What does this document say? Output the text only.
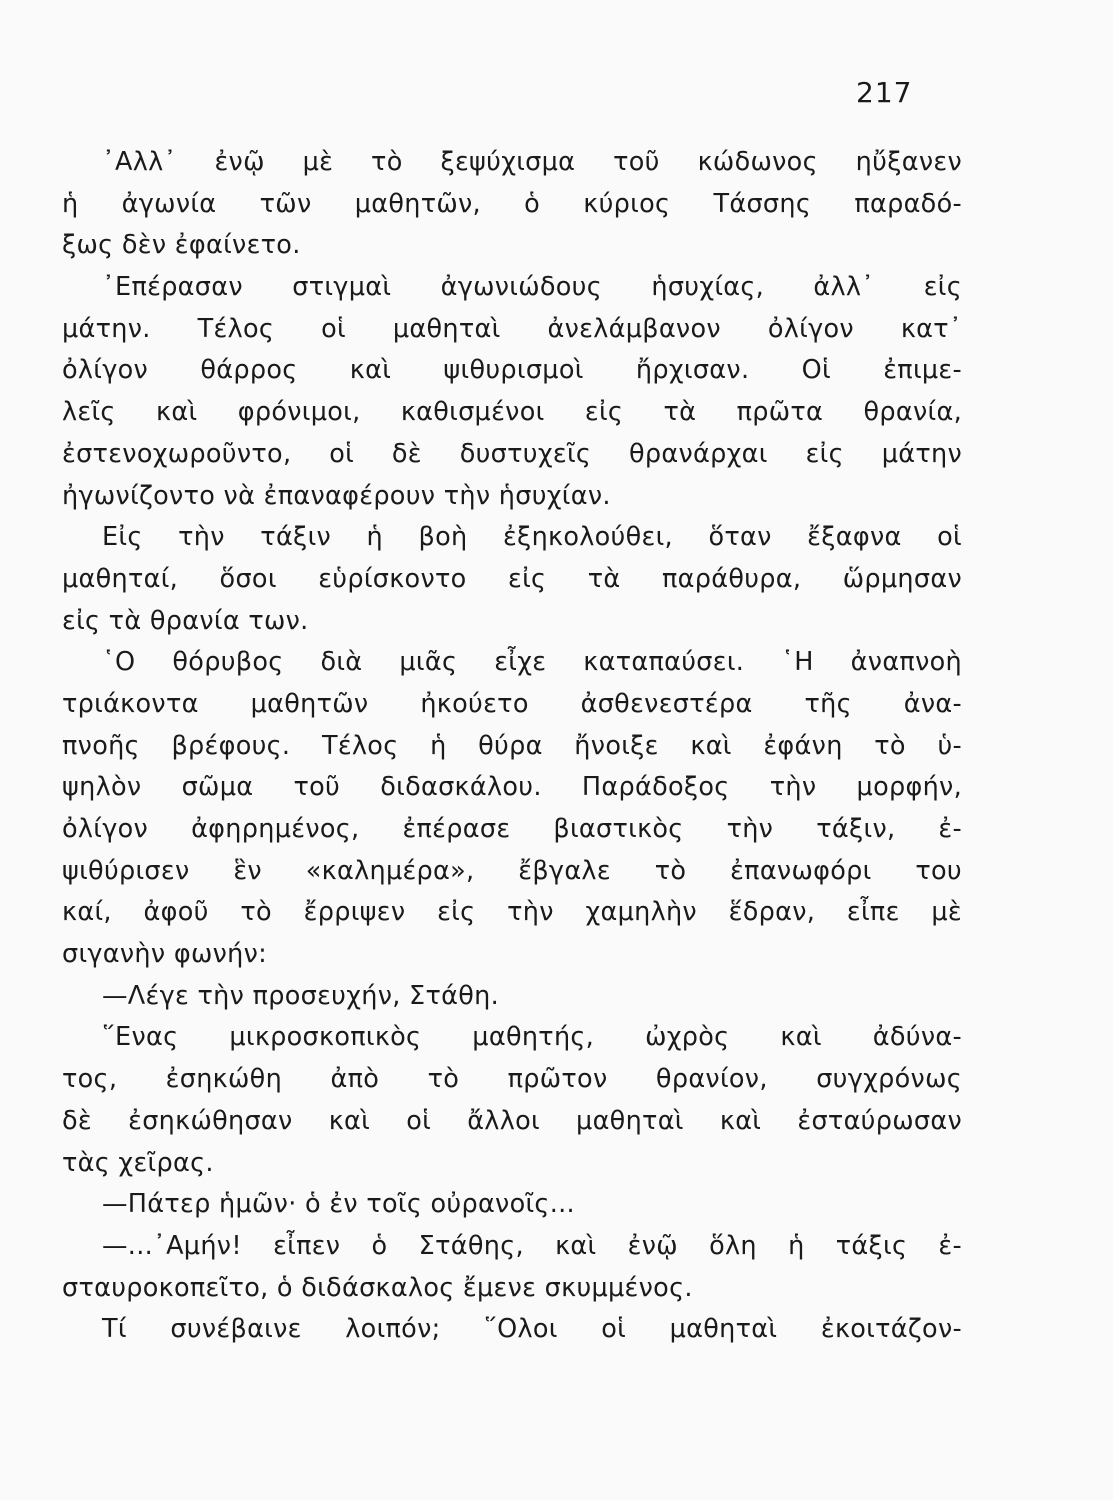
217
᾿Αλλ᾿ ἐνῷ μὲ τὸ ξεψύχισμα τοῦ κώδωνος ηὔξανεν
ἡ ἀγωνία τῶν μαθητῶν, ὁ κύριος Τάσσης παραδό-
ξως δὲν ἐφαίνετο.
᾿Επέρασαν στιγμαὶ ἀγωνιώδους ἡσυχίας, ἀλλ᾿ εἰς
μάτην. Τέλος οἱ μαθηταὶ ἀνελάμβανον ὀλίγον κατ᾿
ὀλίγον θάρρος καὶ ψιθυρισμοὶ ἤρχισαν. Οἱ ἐπιμε-
λεῖς καὶ φρόνιμοι, καθισμένοι εἰς τὰ πρῶτα θρανία,
ἐστενοχωροῦντο, οἱ δὲ δυστυχεῖς θρανάρχαι εἰς μάτην
ἠγωνίζοντο νὰ ἐπαναφέρουν τὴν ἡσυχίαν.
Εἰς τὴν τάξιν ἡ βοὴ ἐξηκολούθει, ὅταν ἔξαφνα οἱ
μαθηταί, ὅσοι εὑρίσκοντο εἰς τὰ παράθυρα, ὥρμησαν
εἰς τὰ θρανία των.
῾Ο θόρυβος διὰ μιᾶς εἶχε καταπαύσει. ῾Η ἀναπνοὴ
τριάκοντα μαθητῶν ἠκούετο ἀσθενεστέρα τῆς ἀνα-
πνοῆς βρέφους. Τέλος ἡ θύρα ἤνοιξε καὶ ἐφάνη τὸ ὑ-
ψηλὸν σῶμα τοῦ διδασκάλου. Παράδοξος τὴν μορφήν,
ὀλίγον ἀφηρημένος, ἐπέρασε βιαστικὸς τὴν τάξιν, ἐ-
ψιθύρισεν ἓν «καλημέρα», ἔβγαλε τὸ ἐπανωφόρι του
καί, ἀφοῦ τὸ ἔρριψεν εἰς τὴν χαμηλὴν ἕδραν, εἶπε μὲ
σιγανὴν φωνήν:
—Λέγε τὴν προσευχήν, Στάθη.
῞Ενας μικροσκοπικὸς μαθητής, ὠχρὸς καὶ ἀδύνα-
τος, ἐσηκώθη ἀπὸ τὸ πρῶτον θρανίον, συγχρόνως
δὲ ἐσηκώθησαν καὶ οἱ ἄλλοι μαθηταὶ καὶ ἐσταύρωσαν
τὰς χεῖρας.
—Πάτερ ἡμῶν· ὁ ἐν τοῖς οὐρανοῖς...
—...᾿Αμήν! εἶπεν ὁ Στάθης, καὶ ἐνῷ ὅλη ἡ τάξις ἐ-
σταυροκοπεῖτο, ὁ διδάσκαλος ἔμενε σκυμμένος.
Τί συνέβαινε λοιπόν; ῞Ολοι οἱ μαθηταὶ ἐκοιτάζον-
